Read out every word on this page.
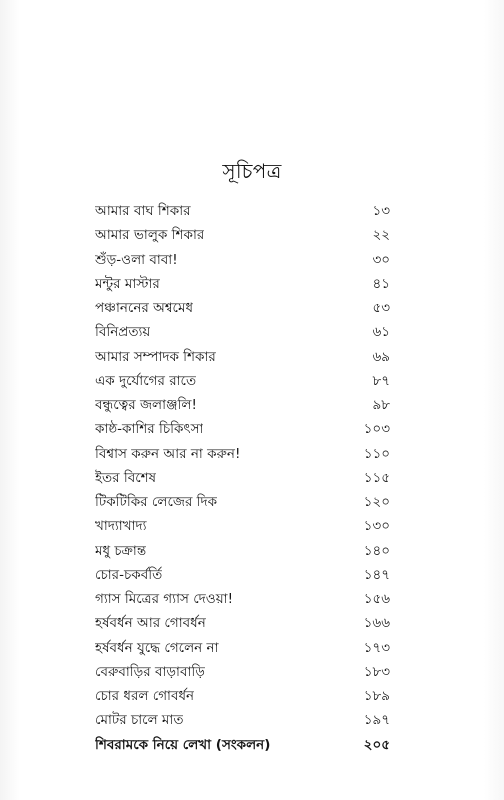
সূচিপত্র
আমার বাঘ শিকার	১৩
আমার ভালুক শিকার	২২
শুঁড়-ওলা বাবা!	৩০
মন্টুর মাস্টার	৪১
পঞ্চাননের অশ্বমেধ	৫৩
বিনিপ্রত্যয়	৬১
আমার সম্পাদক শিকার	৬৯
এক দুর্যোগের রাতে	৮৭
বন্ধুত্বের জলাঞ্জলি!	৯৮
কাষ্ঠ-কাশির চিকিৎসা	১০৩
বিশ্বাস করুন আর না করুন!	১১০
ইতর বিশেষ	১১৫
টিকটিকির লেজের দিক	১২০
খাদ্যাখাদ্য	১৩০
মধু চক্রান্ত	১৪০
চোর-চকর্বর্তি	১৪৭
গ্যাস মিত্রের গ্যাস দেওয়া!	১৫৬
হর্ষবর্ধন আর গোবর্ধন	১৬৬
হর্ষবর্ধন যুদ্ধে গেলেন না	১৭৩
বেরুবাড়ির বাড়াবাড়ি	১৮৩
চোর ধরল গোবর্ধন	১৮৯
মোটর চালে মাত	১৯৭
শিবরামকে নিয়ে লেখা (সংকলন)	২০৫
